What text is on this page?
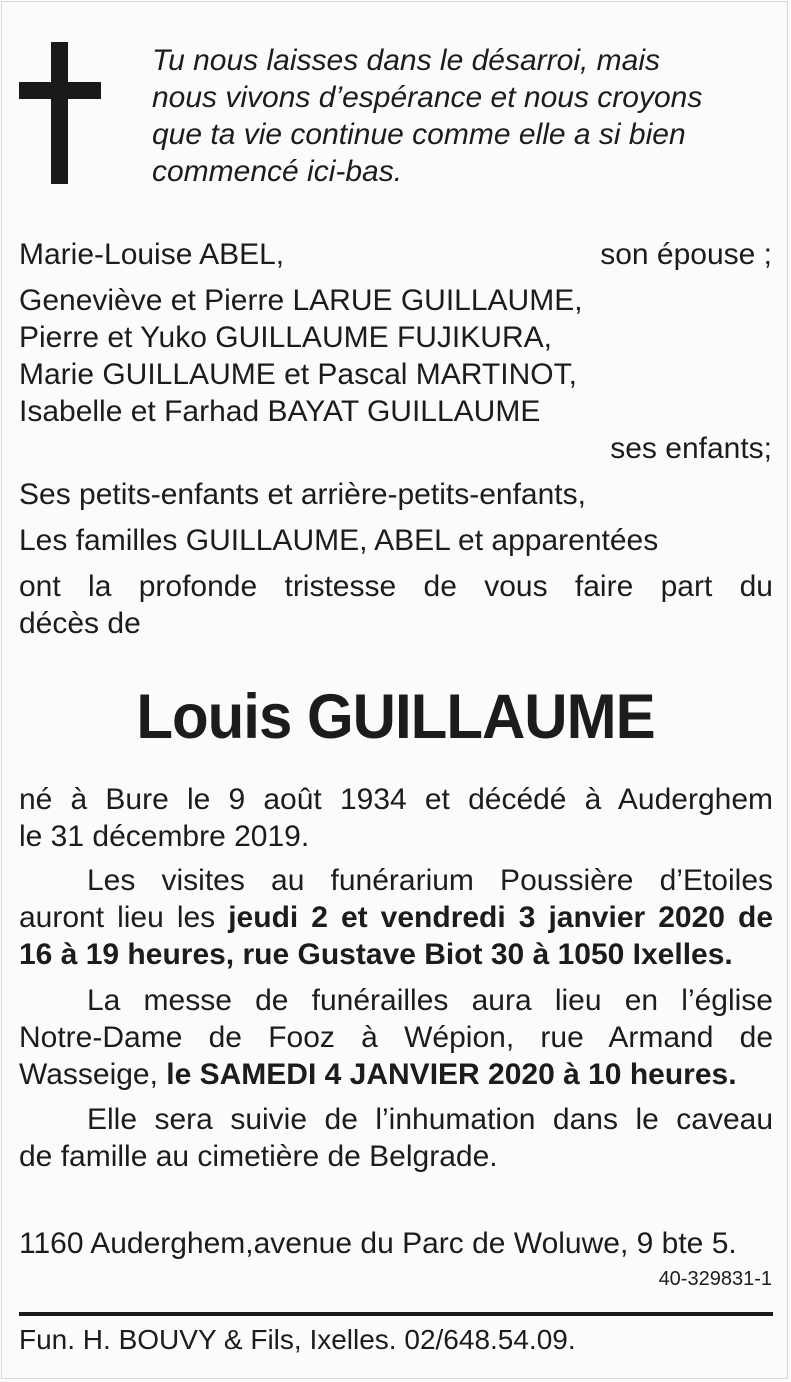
Tu nous laisses dans le désarroi, mais
nous vivons d’espérance et nous croyons
que ta vie continue comme elle a si bien
commencé ici-bas.
Marie-Louise ABEL,	son épouse ;
Geneviève et Pierre LARUE GUILLAUME,
Pierre et Yuko GUILLAUME FUJIKURA,
Marie GUILLAUME et Pascal MARTINOT,
Isabelle et Farhad BAYAT GUILLAUME
ses enfants;
Ses petits-enfants et arrière-petits-enfants,
Les familles GUILLAUME, ABEL et apparentées
ont la profonde tristesse de vous faire part du
décès de
Louis GUILLAUME
né à Bure le 9 août 1934 et décédé à Auderghem
le 31 décembre 2019.
Les visites au funérarium Poussière d’Etoiles
auront lieu les jeudi 2 et vendredi 3 janvier 2020 de
16 à 19 heures, rue Gustave Biot 30 à 1050 Ixelles.
La messe de funérailles aura lieu en l’église
Notre-Dame de Fooz à Wépion, rue Armand de
Wasseige, le SAMEDI 4 JANVIER 2020 à 10 heures.
Elle sera suivie de l’inhumation dans le caveau
de famille au cimetière de Belgrade.
1160 Auderghem,avenue du Parc de Woluwe, 9 bte 5.
40-329831-1
Fun. H. BOUVY & Fils, Ixelles. 02/648.54.09.
